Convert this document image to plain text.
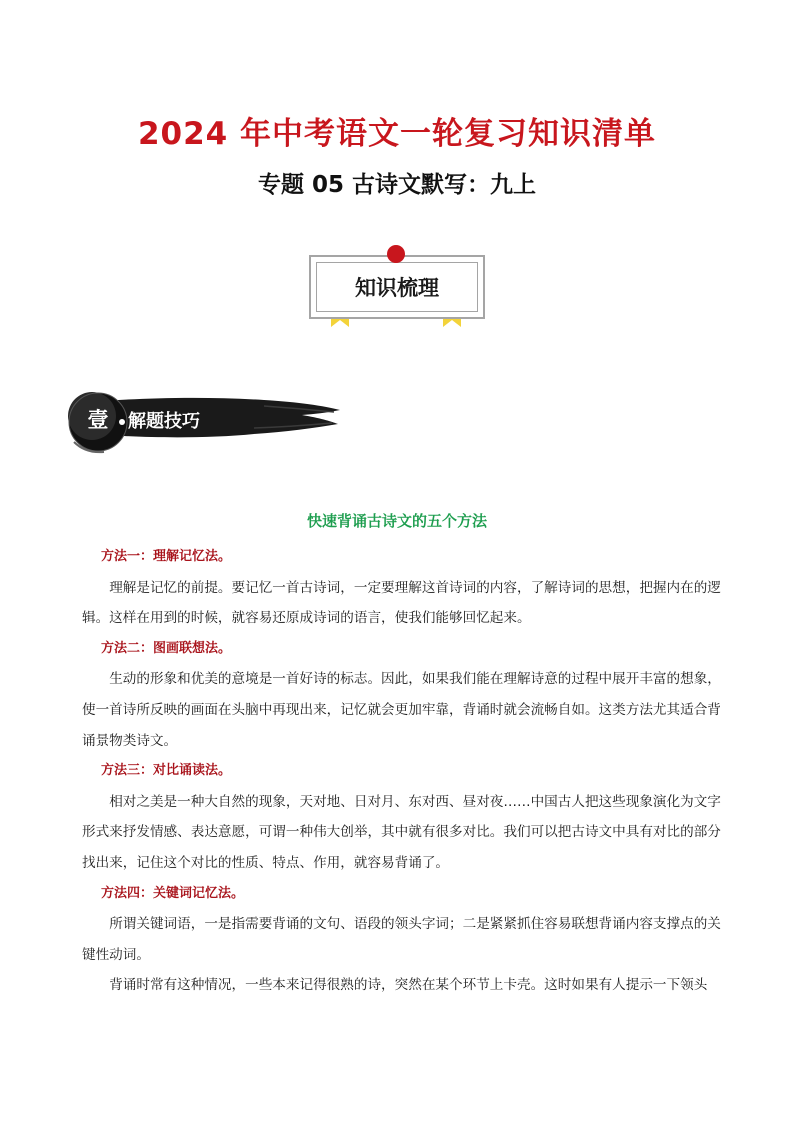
2024 年中考语文一轮复习知识清单
专题 05 古诗文默写：九上
知识梳理
壹	解题技巧
快速背诵古诗文的五个方法
方法一：理解记忆法。
理解是记忆的前提。要记忆一首古诗词，一定要理解这首诗词的内容，了解诗词的思想，把握内在的逻辑。这样在用到的时候，就容易还原成诗词的语言，使我们能够回忆起来。
方法二：图画联想法。
生动的形象和优美的意境是一首好诗的标志。因此，如果我们能在理解诗意的过程中展开丰富的想象，使一首诗所反映的画面在头脑中再现出来，记忆就会更加牢靠，背诵时就会流畅自如。这类方法尤其适合背诵景物类诗文。
方法三：对比诵读法。
相对之美是一种大自然的现象，天对地、日对月、东对西、昼对夜……中国古人把这些现象演化为文字形式来抒发情感、表达意愿，可谓一种伟大创举，其中就有很多对比。我们可以把古诗文中具有对比的部分找出来，记住这个对比的性质、特点、作用，就容易背诵了。
方法四：关键词记忆法。
所谓关键词语，一是指需要背诵的文句、语段的领头字词；二是紧紧抓住容易联想背诵内容支撑点的关键性动词。
背诵时常有这种情况，一些本来记得很熟的诗，突然在某个环节上卡壳。这时如果有人提示一下领头
